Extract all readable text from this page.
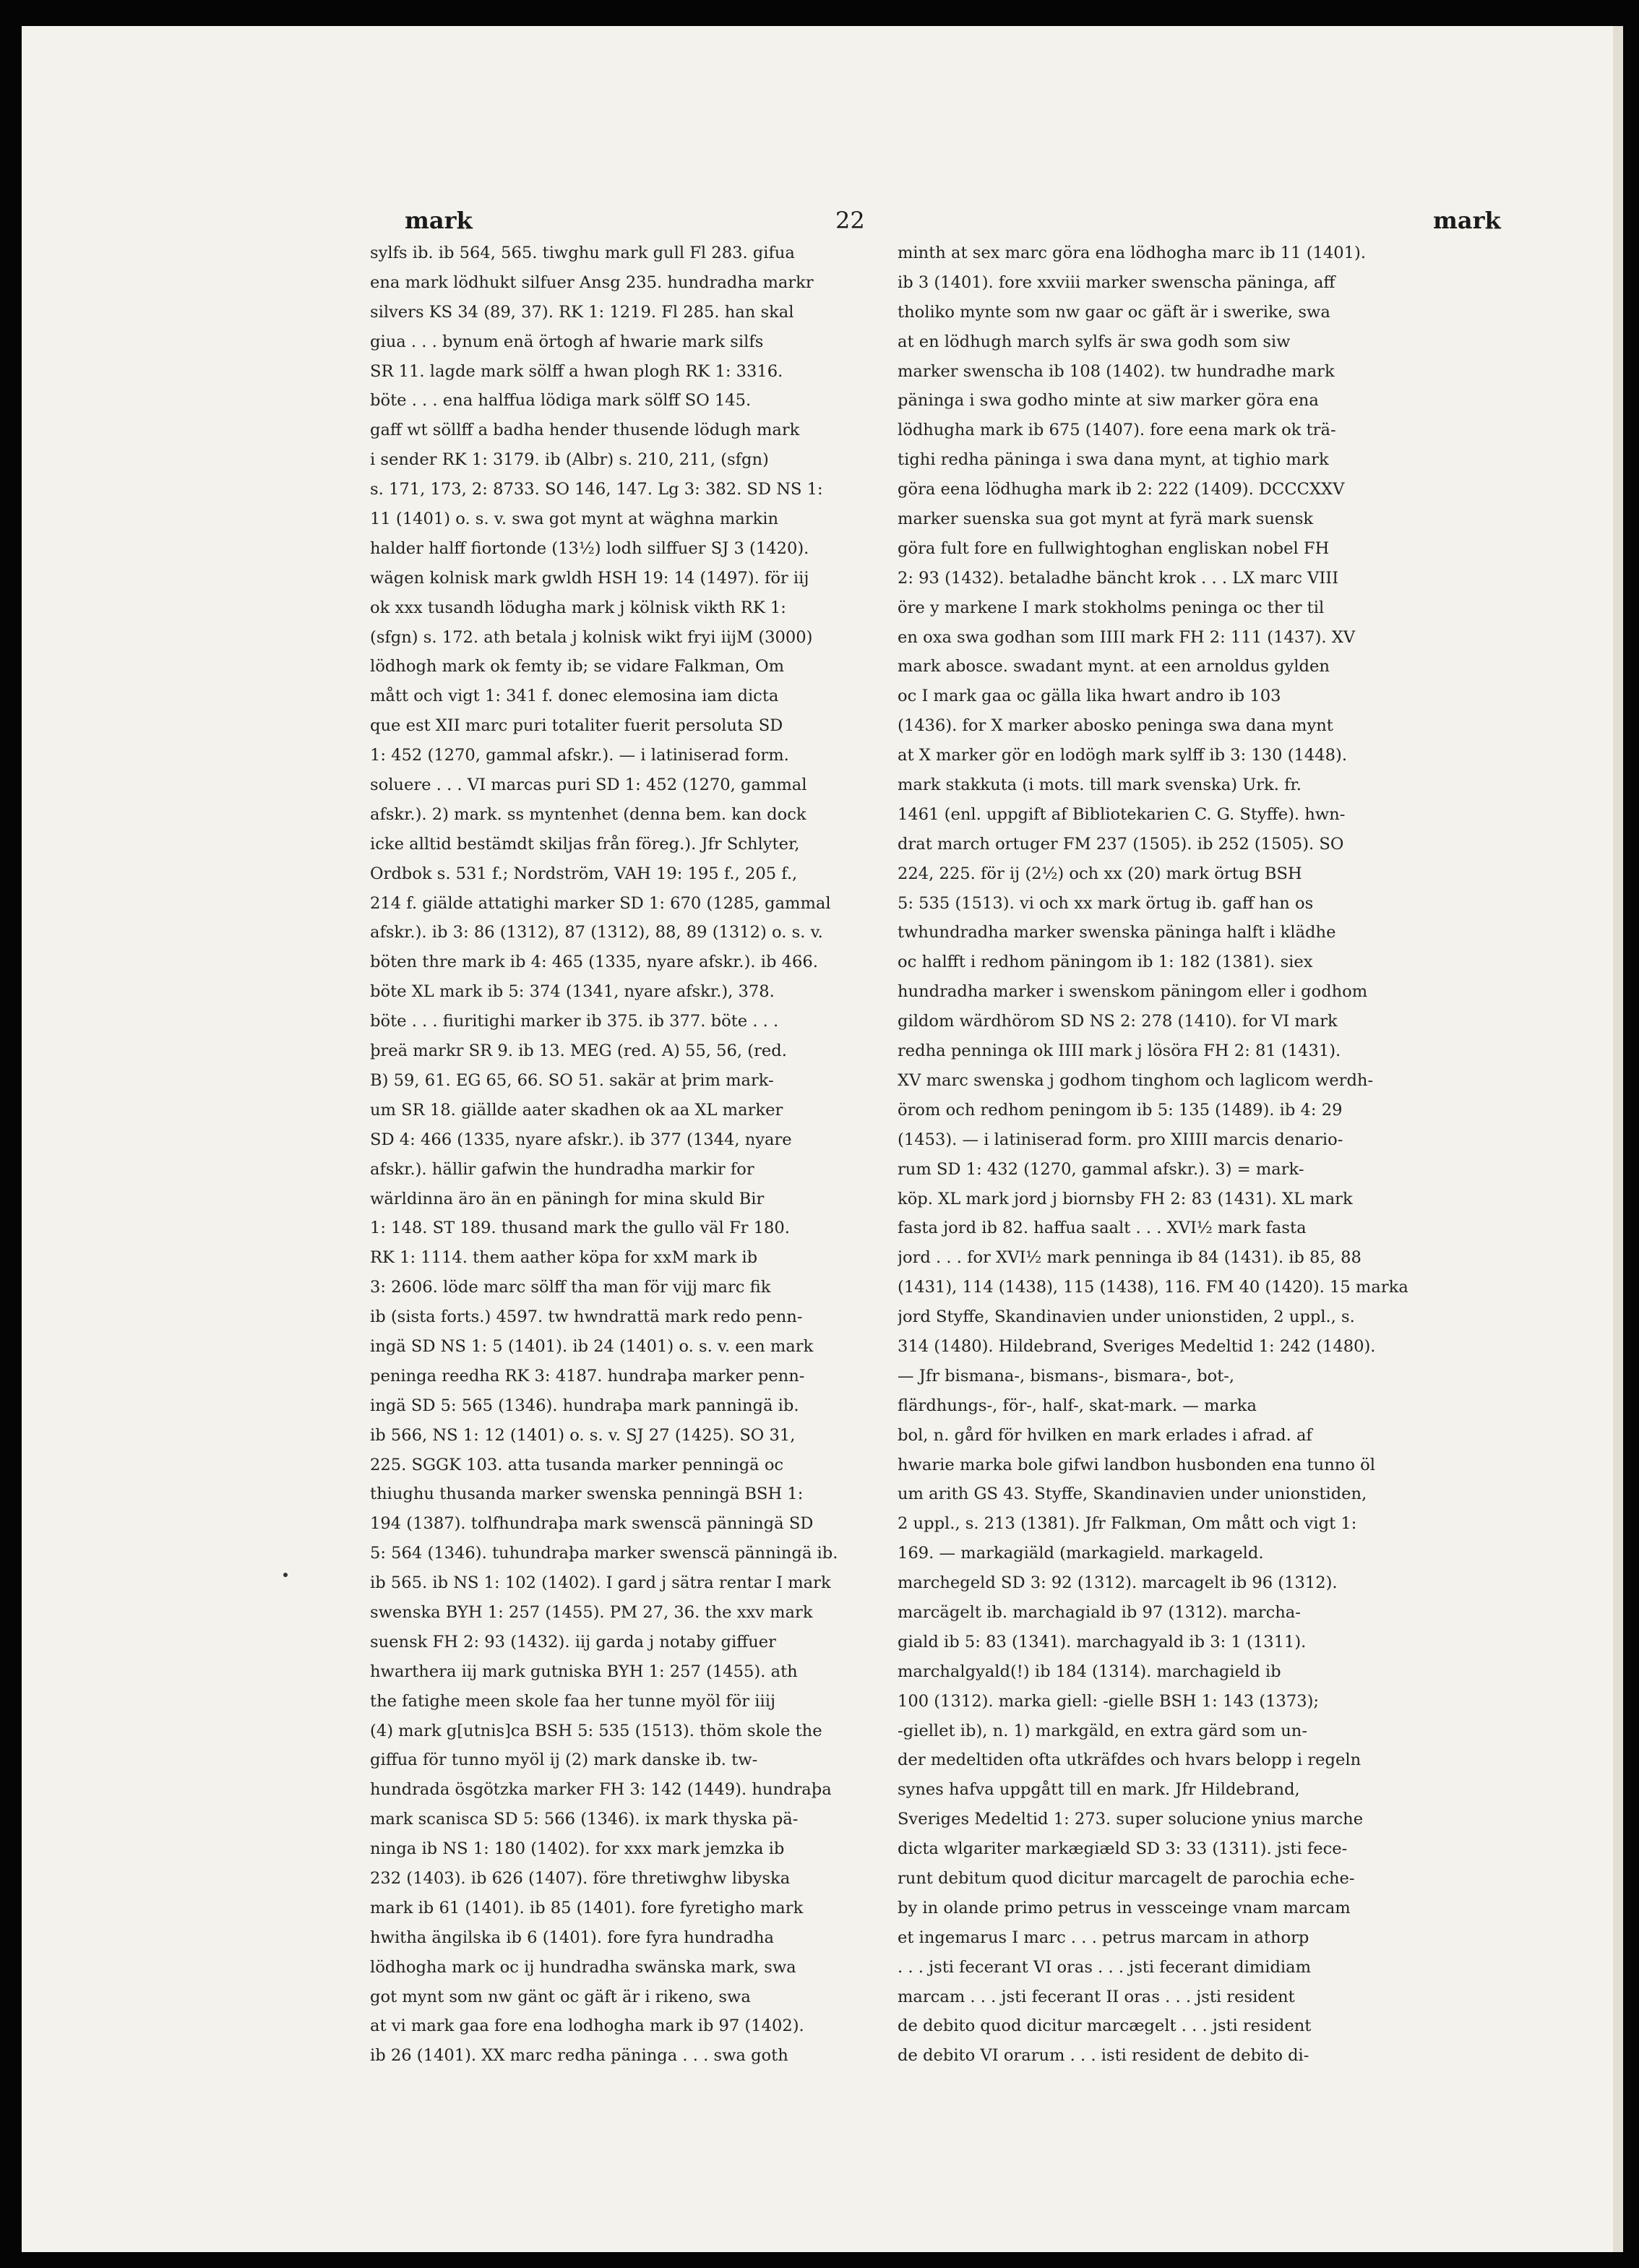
mark	22	mark
sylfs ib. ib 564, 565. tiwghu mark gull Fl 283. gifua
ena mark lödhukt silfuer Ansg 235. hundradha markr
silvers KS 34 (89, 37). RK 1: 1219. Fl 285. han skal
giua . . . bynum enä örtogh af hwarie mark silfs
SR 11. lagde mark sölff a hwan plogh RK 1: 3316.
böte . . . ena halffua lödiga mark sölff SO 145.
gaff wt söllff a badha hender thusende lödugh mark
i sender RK 1: 3179. ib (Albr) s. 210, 211, (sfgn)
s. 171, 173, 2: 8733. SO 146, 147. Lg 3: 382. SD NS 1:
11 (1401) o. s. v. swa got mynt at wäghna markin
halder halff fiortonde (13½) lodh silffuer SJ 3 (1420).
wägen kolnisk mark gwldh HSH 19: 14 (1497). för iij
ok xxx tusandh lödugha mark j kölnisk vikth RK 1:
(sfgn) s. 172. ath betala j kolnisk wikt fryi iijM (3000)
lödhogh mark ok femty ib; se vidare Falkman, Om
mått och vigt 1: 341 f. donec elemosina iam dicta
que est XII marc puri totaliter fuerit persoluta SD
1: 452 (1270, gammal afskr.). — i latiniserad form.
soluere . . . VI marcas puri SD 1: 452 (1270, gammal
afskr.). 2) mark. ss myntenhet (denna bem. kan dock
icke alltid bestämdt skiljas från föreg.). Jfr Schlyter,
Ordbok s. 531 f.; Nordström, VAH 19: 195 f., 205 f.,
214 f. giälde attatighi marker SD 1: 670 (1285, gammal
afskr.). ib 3: 86 (1312), 87 (1312), 88, 89 (1312) o. s. v.
böten thre mark ib 4: 465 (1335, nyare afskr.). ib 466.
böte XL mark ib 5: 374 (1341, nyare afskr.), 378.
böte . . . fiuritighi marker ib 375. ib 377. böte . . .
þreä markr SR 9. ib 13. MEG (red. A) 55, 56, (red.
B) 59, 61. EG 65, 66. SO 51. sakär at þrim mark-
um SR 18. giällde aater skadhen ok aa XL marker
SD 4: 466 (1335, nyare afskr.). ib 377 (1344, nyare
afskr.). hällir gafwin the hundradha markir for
wärldinna äro än en päningh for mina skuld Bir
1: 148. ST 189. thusand mark the gullo väl Fr 180.
RK 1: 1114. them aather köpa for xxM mark ib
3: 2606. löde marc sölff tha man för vijj marc fik
ib (sista forts.) 4597. tw hwndrattä mark redo penn-
ingä SD NS 1: 5 (1401). ib 24 (1401) o. s. v. een mark
peninga reedha RK 3: 4187. hundraþa marker penn-
ingä SD 5: 565 (1346). hundraþa mark panningä ib.
ib 566, NS 1: 12 (1401) o. s. v. SJ 27 (1425). SO 31,
225. SGGK 103. atta tusanda marker penningä oc
thiughu thusanda marker swenska penningä BSH 1:
194 (1387). tolfhundraþa mark swenscä pänningä SD
5: 564 (1346). tuhundraþa marker swenscä pänningä ib.
ib 565. ib NS 1: 102 (1402). I gard j sätra rentar I mark
swenska BYH 1: 257 (1455). PM 27, 36. the xxv mark
suensk FH 2: 93 (1432). iij garda j notaby giffuer
hwarthera iij mark gutniska BYH 1: 257 (1455). ath
the fatighe meen skole faa her tunne myöl för iiij
(4) mark g[utnis]ca BSH 5: 535 (1513). thöm skole the
giffua för tunno myöl ij (2) mark danske ib. tw-
hundrada ösgötzka marker FH 3: 142 (1449). hundraþa
mark scanisca SD 5: 566 (1346). ix mark thyska pä-
ninga ib NS 1: 180 (1402). for xxx mark jemzka ib
232 (1403). ib 626 (1407). före thretiwghw libyska
mark ib 61 (1401). ib 85 (1401). fore fyretigho mark
hwitha ängilska ib 6 (1401). fore fyra hundradha
lödhogha mark oc ij hundradha swänska mark, swa
got mynt som nw gänt oc gäft är i rikeno, swa
at vi mark gaa fore ena lodhogha mark ib 97 (1402).
ib 26 (1401). XX marc redha päninga . . . swa goth
minth at sex marc göra ena lödhogha marc ib 11 (1401).
ib 3 (1401). fore xxviii marker swenscha päninga, aff
tholiko mynte som nw gaar oc gäft är i swerike, swa
at en lödhugh march sylfs är swa godh som siw
marker swenscha ib 108 (1402). tw hundradhe mark
päninga i swa godho minte at siw marker göra ena
lödhugha mark ib 675 (1407). fore eena mark ok trä-
tighi redha päninga i swa dana mynt, at tighio mark
göra eena lödhugha mark ib 2: 222 (1409). DCCCXXV
marker suenska sua got mynt at fyrä mark suensk
göra fult fore en fullwightoghan engliskan nobel FH
2: 93 (1432). betaladhe bäncht krok . . . LX marc VIII
öre y markene I mark stokholms peninga oc ther til
en oxa swa godhan som IIII mark FH 2: 111 (1437). XV
mark abosce. swadant mynt. at een arnoldus gylden
oc I mark gaa oc gälla lika hwart andro ib 103
(1436). for X marker abosko peninga swa dana mynt
at X marker gör en lodögh mark sylff ib 3: 130 (1448).
mark stakkuta (i mots. till mark svenska) Urk. fr.
1461 (enl. uppgift af Bibliotekarien C. G. Styffe). hwn-
drat march ortuger FM 237 (1505). ib 252 (1505). SO
224, 225. för ij (2½) och xx (20) mark örtug BSH
5: 535 (1513). vi och xx mark örtug ib. gaff han os
twhundradha marker swenska päninga halft i klädhe
oc halfft i redhom päningom ib 1: 182 (1381). siex
hundradha marker i swenskom päningom eller i godhom
gildom wärdhörom SD NS 2: 278 (1410). for VI mark
redha penninga ok IIII mark j lösöra FH 2: 81 (1431).
XV marc swenska j godhom tinghom och laglicom werdh-
örom och redhom peningom ib 5: 135 (1489). ib 4: 29
(1453). — i latiniserad form. pro XIIII marcis denario-
rum SD 1: 432 (1270, gammal afskr.). 3) = mark-
köp. XL mark jord j biornsby FH 2: 83 (1431). XL mark
fasta jord ib 82. haffua saalt . . . XVI½ mark fasta
jord . . . for XVI½ mark penninga ib 84 (1431). ib 85, 88
(1431), 114 (1438), 115 (1438), 116. FM 40 (1420). 15 marka
jord Styffe, Skandinavien under unionstiden, 2 uppl., s.
314 (1480). Hildebrand, Sveriges Medeltid 1: 242 (1480).
— Jfr bismana-, bismans-, bismara-, bot-,
flärdhungs-, för-, half-, skat-mark. — marka
bol, n. gård för hvilken en mark erlades i afrad. af
hwarie marka bole gifwi landbon husbonden ena tunno öl
um arith GS 43. Styffe, Skandinavien under unionstiden,
2 uppl., s. 213 (1381). Jfr Falkman, Om mått och vigt 1:
169. — markagiäld (markagield. markageld.
marchegeld SD 3: 92 (1312). marcagelt ib 96 (1312).
marcägelt ib. marchagiald ib 97 (1312). marcha-
giald ib 5: 83 (1341). marchagyald ib 3: 1 (1311).
marchalgyald(!) ib 184 (1314). marchagield ib
100 (1312). marka giell: -gielle BSH 1: 143 (1373);
-giellet ib), n. 1) markgäld, en extra gärd som un-
der medeltiden ofta utkräfdes och hvars belopp i regeln
synes hafva uppgått till en mark. Jfr Hildebrand,
Sveriges Medeltid 1: 273. super solucione ynius marche
dicta wlgariter markægiæld SD 3: 33 (1311). jsti fece-
runt debitum quod dicitur marcagelt de parochia eche-
by in olande primo petrus in vessceinge vnam marcam
et ingemarus I marc . . . petrus marcam in athorp
. . . jsti fecerant VI oras . . . jsti fecerant dimidiam
marcam . . . jsti fecerant II oras . . . jsti resident
de debito quod dicitur marcægelt . . . jsti resident
de debito VI orarum . . . isti resident de debito di-
